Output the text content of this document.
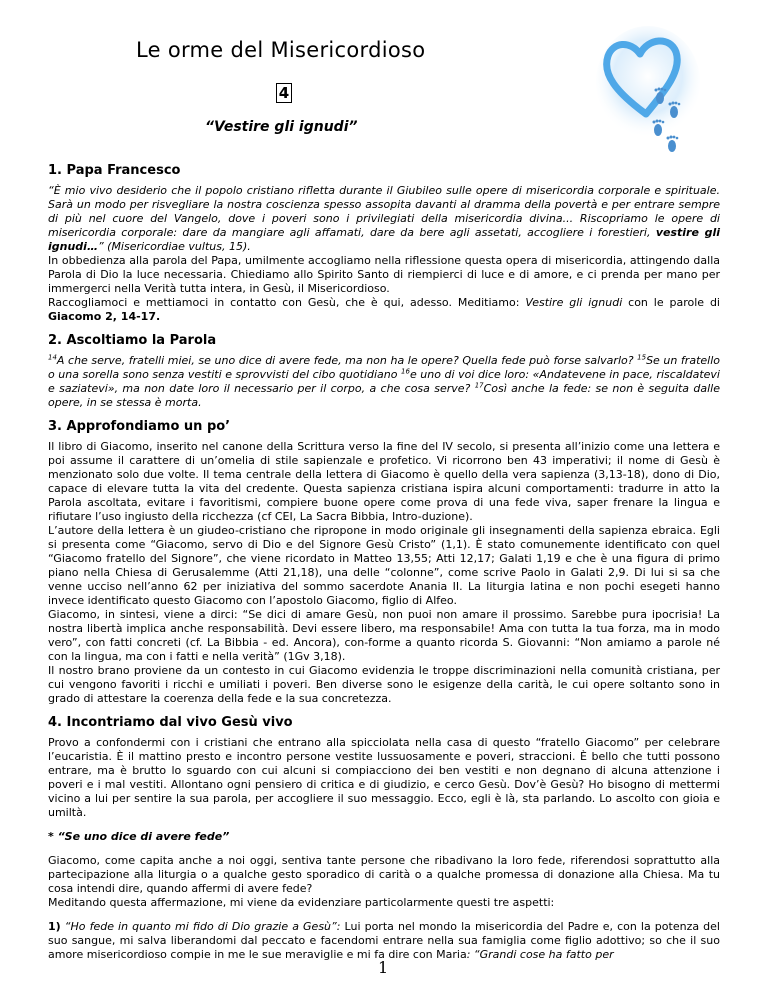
Le orme del Misericordioso
4
“Vestire gli ignudi”
1. Papa Francesco

“È mio vivo desiderio che il popolo cristiano rifletta durante il Giubileo sulle opere di misericordia corporale e spirituale. Sarà un modo per risvegliare la nostra coscienza spesso assopita davanti al dramma della povertà e per entrare sempre di più nel cuore del Vangelo, dove i poveri sono i privilegiati della misericordia divina... Riscopriamo le opere di misericordia corporale: dare da mangiare agli affamati, dare da bere agli assetati, accogliere i forestieri, vestire gli ignudi…” (Misericordiae vultus, 15).

In obbedienza alla parola del Papa, umilmente accogliamo nella riflessione questa opera di misericordia, attingendo dalla Parola di Dio la luce necessaria. Chiediamo allo Spirito Santo di riempierci di luce e di amore, e ci prenda per mano per immergerci nella Verità tutta intera, in Gesù, il Misericordioso.

Raccogliamoci e mettiamoci in contatto con Gesù, che è qui, adesso. Meditiamo: Vestire gli ignudi con le parole di Giacomo 2, 14-17.

2. Ascoltiamo la Parola

$^{14}$A che serve, fratelli miei, se uno dice di avere fede, ma non ha le opere? Quella fede può forse salvarlo? $^{15}$Se un fratello o una sorella sono senza vestiti e sprovvisti del cibo quotidiano $^{16}$e uno di voi dice loro: «Andatevene in pace, riscaldatevi e saziatevi», ma non date loro il necessario per il corpo, a che cosa serve? $^{17}$Così anche la fede: se non è seguita dalle opere, in se stessa è morta.

3. Approfondiamo un po’

Il libro di Giacomo, inserito nel canone della Scrittura verso la fine del IV secolo, si presenta all’inizio come una lettera e poi assume il carattere di un’omelia di stile sapienzale e profetico. Vi ricorrono ben 43 imperativi; il nome di Gesù è menzionato solo due volte. Il tema centrale della lettera di Giacomo è quello della vera sapienza (3,13-18), dono di Dio, capace di elevare tutta la vita del credente. Questa sapienza cristiana ispira alcuni comportamenti: tradurre in atto la Parola ascoltata, evitare i favoritismi, compiere buone opere come prova di una fede viva, saper frenare la lingua e rifiutare l’uso ingiusto della ricchezza (cf CEI, La Sacra Bibbia, Intro-duzione).

L’autore della lettera è un giudeo-cristiano che ripropone in modo originale gli insegnamenti della sapienza ebraica. Egli si presenta come “Giacomo, servo di Dio e del Signore Gesù Cristo” (1,1). È stato comunemente identificato con quel “Giacomo fratello del Signore”, che viene ricordato in Matteo 13,55; Atti 12,17; Galati 1,19 e che è una figura di primo piano nella Chiesa di Gerusalemme (Atti 21,18), una delle “colonne”, come scrive Paolo in Galati 2,9. Di lui si sa che venne ucciso nell’anno 62 per iniziativa del sommo sacerdote Anania II. La liturgia latina e non pochi esegeti hanno invece identificato questo Giacomo con l’apostolo Giacomo, figlio di Alfeo.

Giacomo, in sintesi, viene a dirci: “Se dici di amare Gesù, non puoi non amare il prossimo. Sarebbe pura ipocrisia! La nostra libertà implica anche responsabilità. Devi essere libero, ma responsabile! Ama con tutta la tua forza, ma in modo vero”, con fatti concreti (cf. La Bibbia - ed. Ancora), con-forme a quanto ricorda S. Giovanni: “Non amiamo a parole né con la lingua, ma con i fatti e nella verità” (1Gv 3,18).

Il nostro brano proviene da un contesto in cui Giacomo evidenzia le troppe discriminazioni nella comunità cristiana, per cui vengono favoriti i ricchi e umiliati i poveri. Ben diverse sono le esigenze della carità, le cui opere soltanto sono in grado di attestare la coerenza della fede e la sua concretezza.

4. Incontriamo dal vivo Gesù vivo

Provo a confondermi con i cristiani che entrano alla spicciolata nella casa di questo “fratello Giacomo” per celebrare l’eucaristia. È il mattino presto e incontro persone vestite lussuosamente e poveri, straccioni. È bello che tutti possono entrare, ma è brutto lo sguardo con cui alcuni si compiacciono dei ben vestiti e non degnano di alcuna attenzione i poveri e i mal vestiti. Allontano ogni pensiero di critica e di giudizio, e cerco Gesù. Dov’è Gesù? Ho bisogno di mettermi vicino a lui per sentire la sua parola, per accogliere il suo messaggio. Ecco, egli è là, sta parlando. Lo ascolto con gioia e umiltà.

* “Se uno dice di avere fede”

Giacomo, come capita anche a noi oggi, sentiva tante persone che ribadivano la loro fede, riferendosi soprattutto alla partecipazione alla liturgia o a qualche gesto sporadico di carità o a qualche promessa di donazione alla Chiesa. Ma tu cosa intendi dire, quando affermi di avere fede?

Meditando questa affermazione, mi viene da evidenziare particolarmente questi tre aspetti:

1) “Ho fede in quanto mi fido di Dio grazie a Gesù”: Lui porta nel mondo la misericordia del Padre e, con la potenza del suo sangue, mi salva liberandomi dal peccato e facendomi entrare nella sua famiglia come figlio adottivo; so che il suo amore misericordioso compie in me le sue meraviglie e mi fa dire con Maria: “Grandi cose ha fatto per

1
